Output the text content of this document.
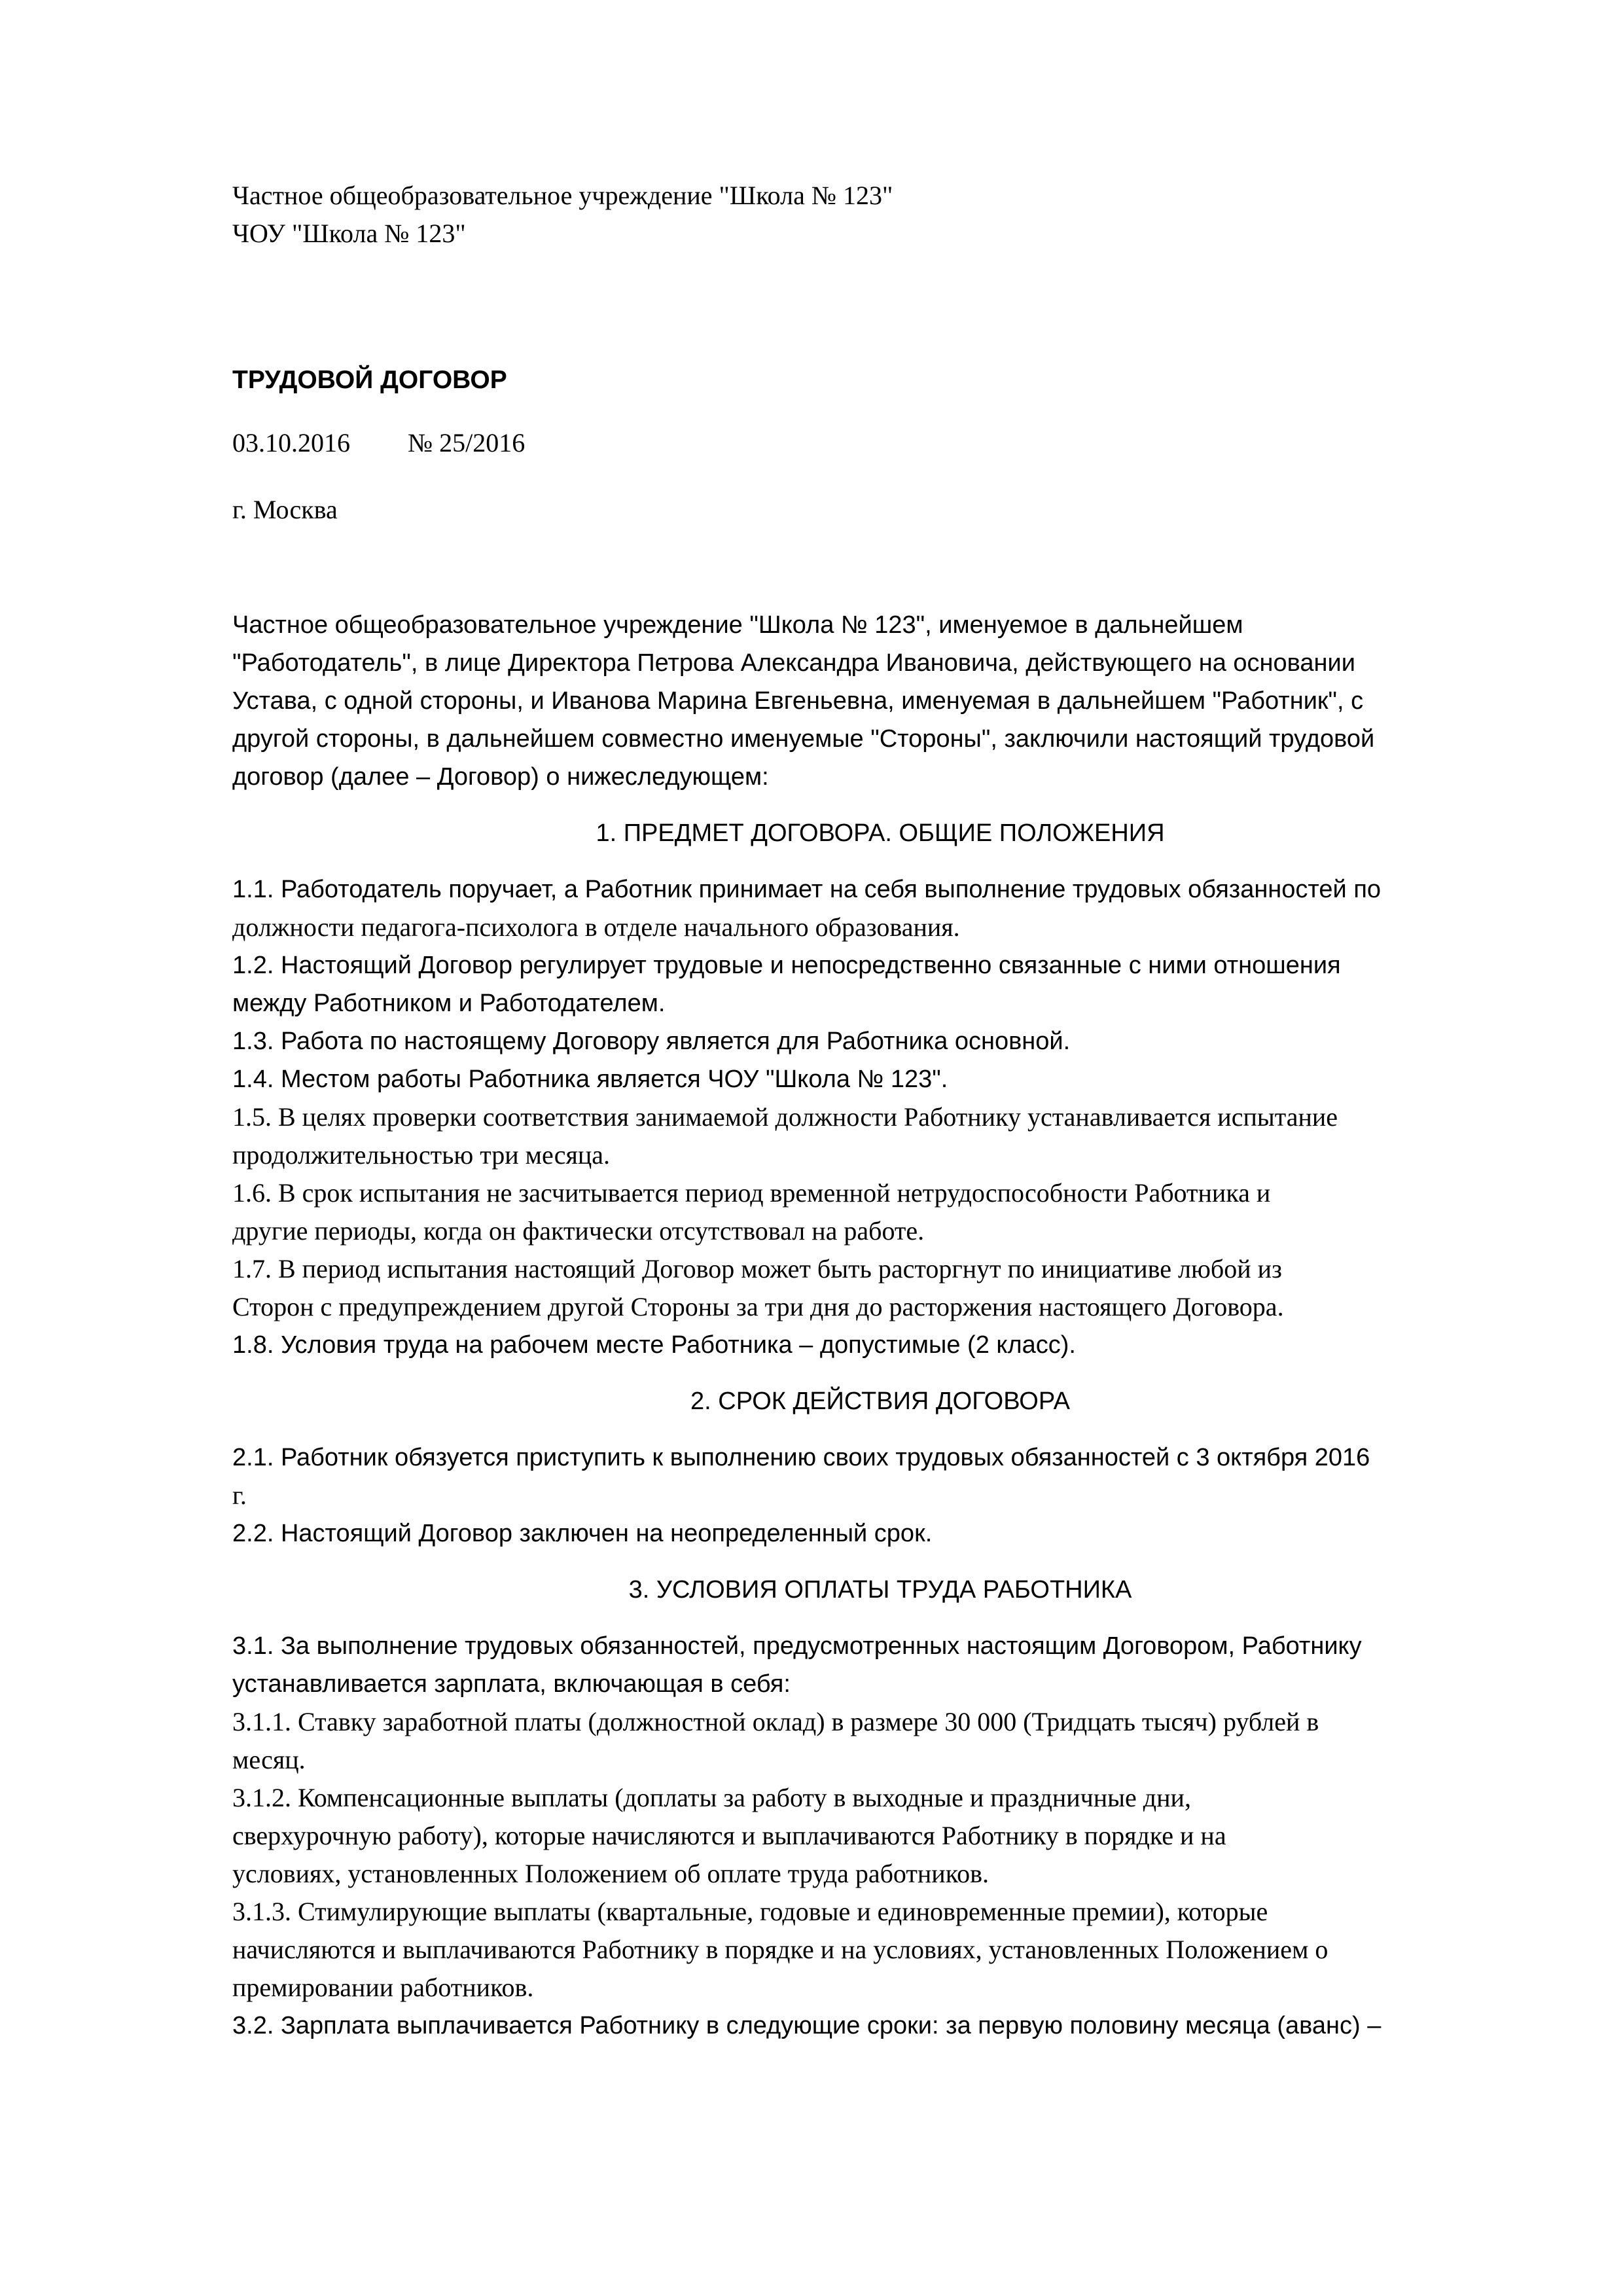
Частное общеобразовательное учреждение "Школа № 123"
ЧОУ "Школа № 123"
ТРУДОВОЙ ДОГОВОР
03.10.2016 № 25/2016
г. Москва
Частное общеобразовательное учреждение "Школа № 123", именуемое в дальнейшем
"Работодатель", в лице Директора Петрова Александра Ивановича, действующего на основании
Устава, с одной стороны, и Иванова Марина Евгеньевна, именуемая в дальнейшем "Работник", с
другой стороны, в дальнейшем совместно именуемые "Стороны", заключили настоящий трудовой
договор (далее – Договор) о нижеследующем:
1. ПРЕДМЕТ ДОГОВОРА. ОБЩИЕ ПОЛОЖЕНИЯ
1.1. Работодатель поручает, а Работник принимает на себя выполнение трудовых обязанностей по
должности педагога-психолога в отделе начального образования.
1.2. Настоящий Договор регулирует трудовые и непосредственно связанные с ними отношения
между Работником и Работодателем.
1.3. Работа по настоящему Договору является для Работника основной.
1.4. Местом работы Работника является ЧОУ "Школа № 123".
1.5. В целях проверки соответствия занимаемой должности Работнику устанавливается испытание
продолжительностью три месяца.
1.6. В срок испытания не засчитывается период временной нетрудоспособности Работника и
другие периоды, когда он фактически отсутствовал на работе.
1.7. В период испытания настоящий Договор может быть расторгнут по инициативе любой из
Сторон с предупреждением другой Стороны за три дня до расторжения настоящего Договора.
1.8. Условия труда на рабочем месте Работника – допустимые (2 класс).
2. СРОК ДЕЙСТВИЯ ДОГОВОРА
2.1. Работник обязуется приступить к выполнению своих трудовых обязанностей с 3 октября 2016
г.
2.2. Настоящий Договор заключен на неопределенный срок.
3. УСЛОВИЯ ОПЛАТЫ ТРУДА РАБОТНИКА
3.1. За выполнение трудовых обязанностей, предусмотренных настоящим Договором, Работнику
устанавливается зарплата, включающая в себя:
3.1.1. Ставку заработной платы (должностной оклад) в размере 30 000 (Тридцать тысяч) рублей в
месяц.
3.1.2. Компенсационные выплаты (доплаты за работу в выходные и праздничные дни,
сверхурочную работу), которые начисляются и выплачиваются Работнику в порядке и на
условиях, установленных Положением об оплате труда работников.
3.1.3. Стимулирующие выплаты (квартальные, годовые и единовременные премии), которые
начисляются и выплачиваются Работнику в порядке и на условиях, установленных Положением о
премировании работников.
3.2. Зарплата выплачивается Работнику в следующие сроки: за первую половину месяца (аванс) –
